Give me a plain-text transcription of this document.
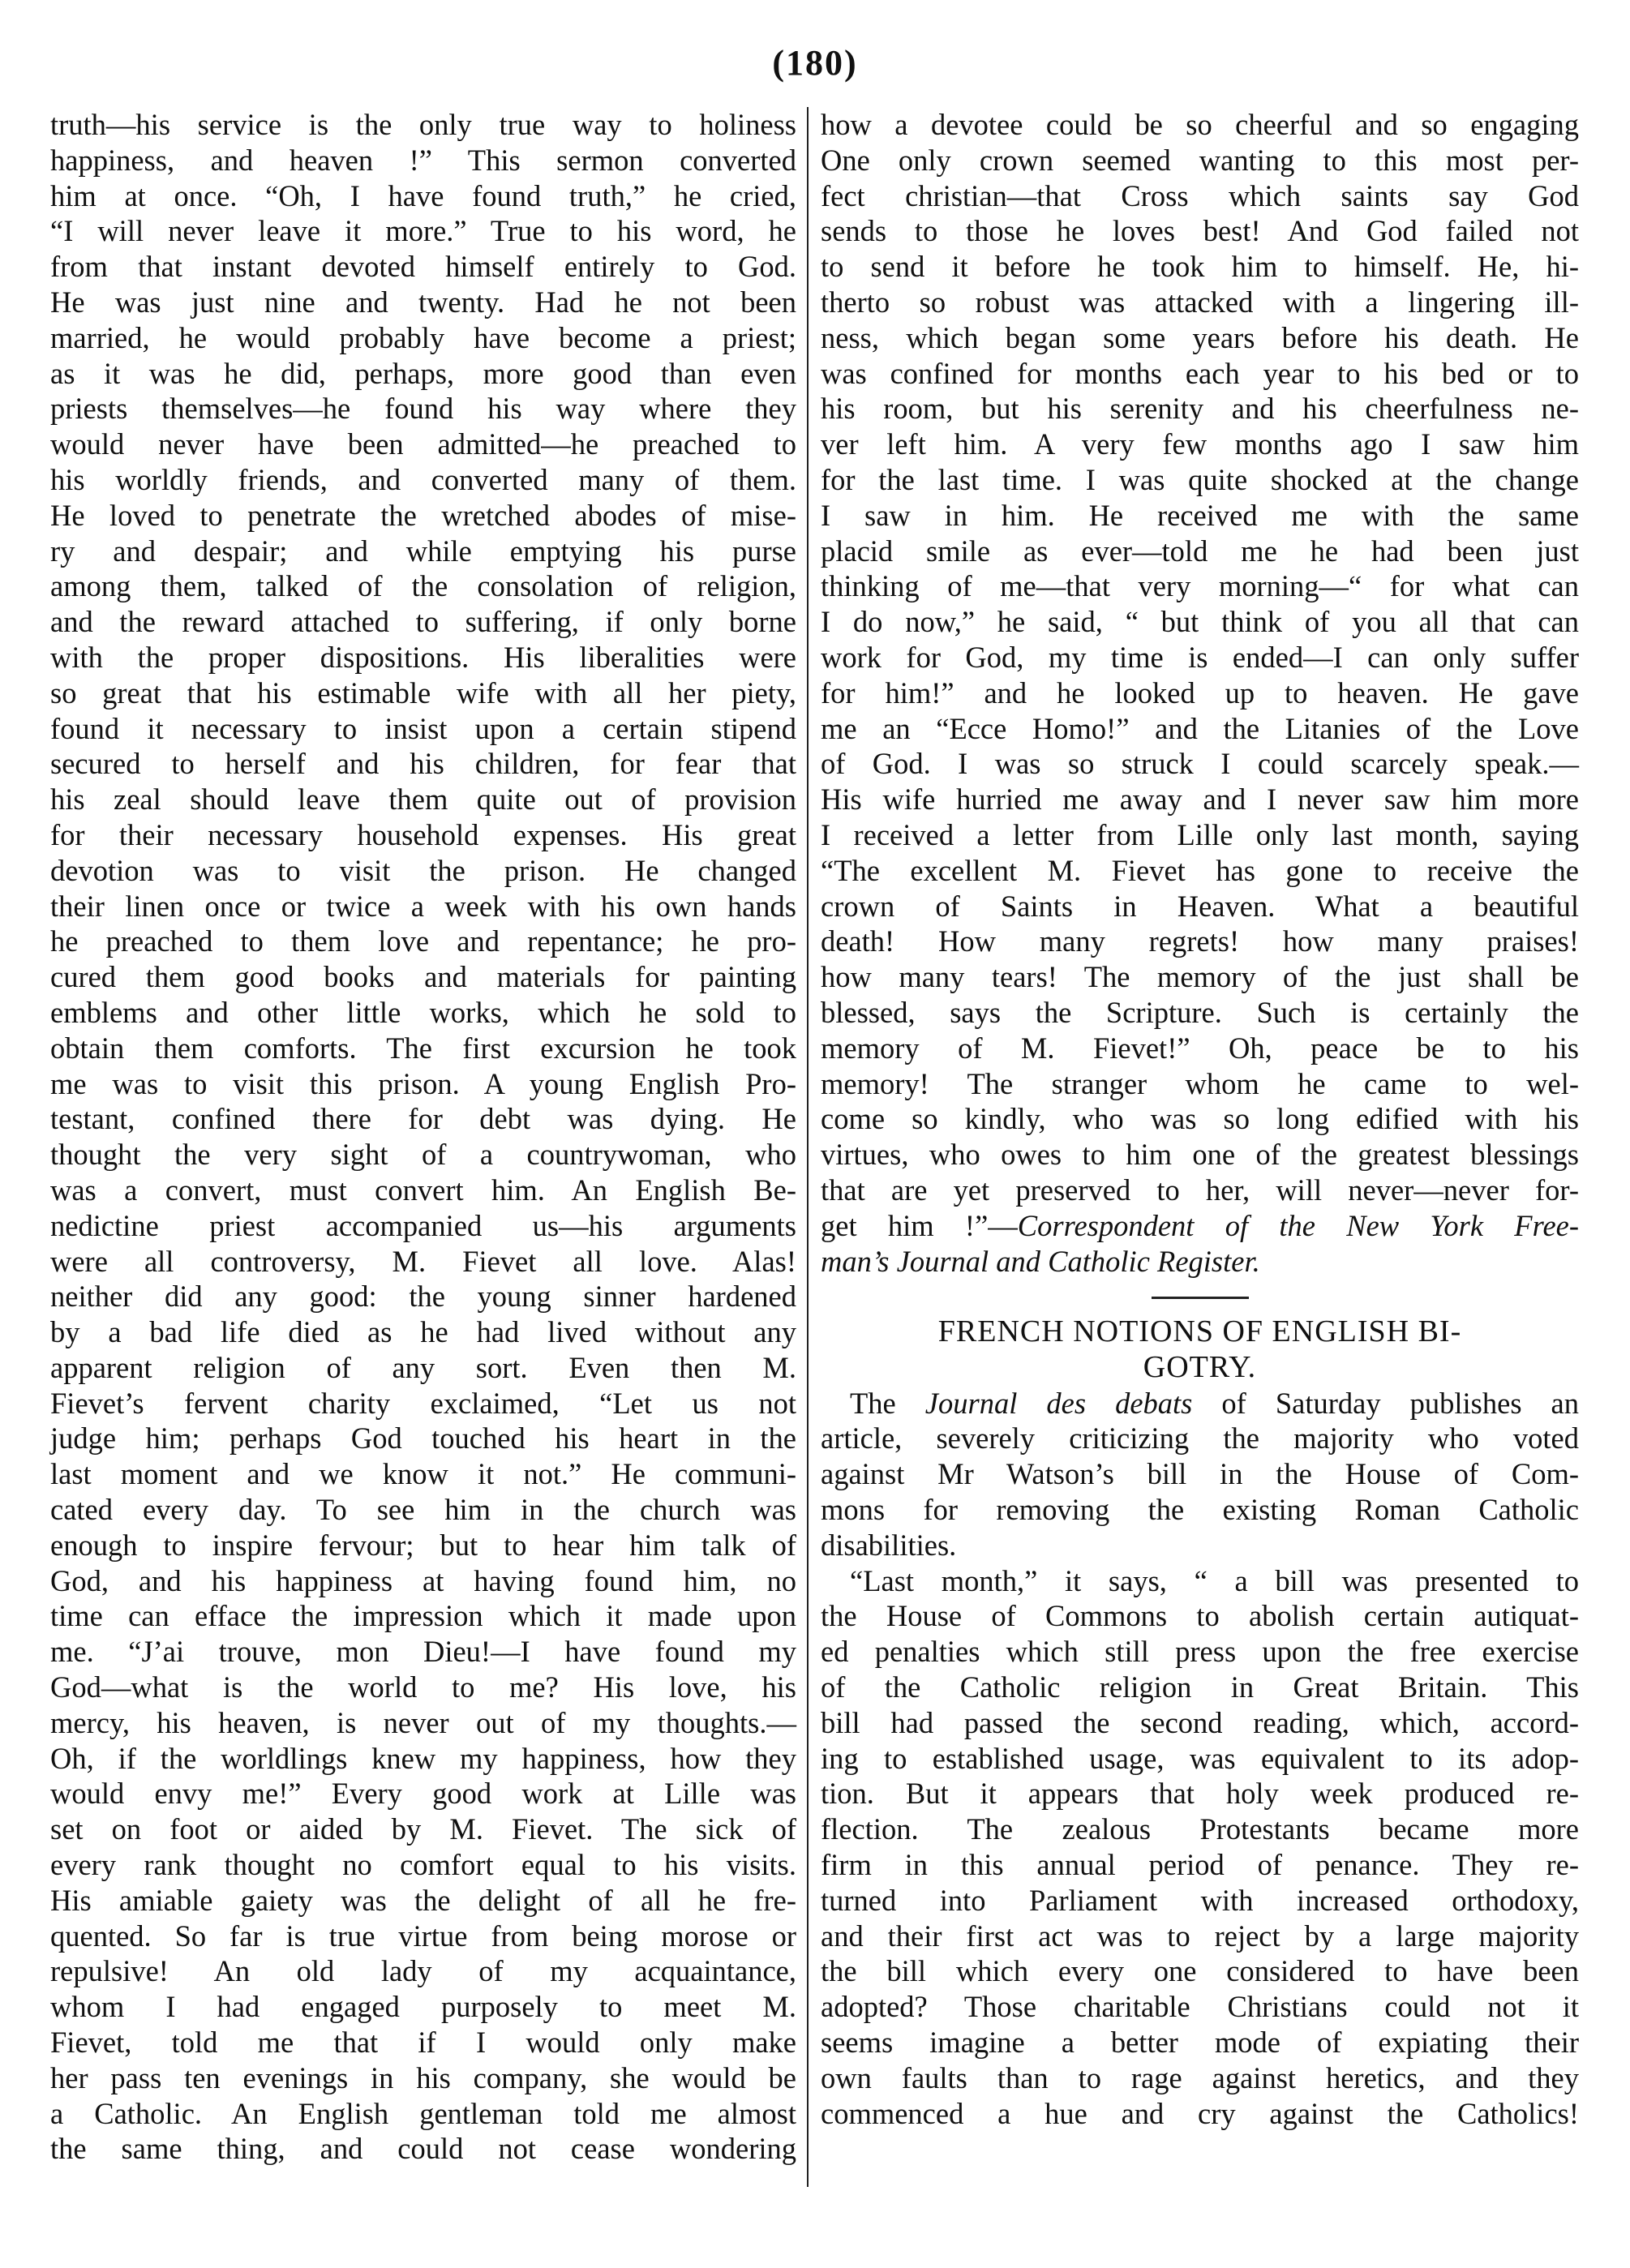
(180)
truth—his service is the only true way to holiness
happiness, and heaven !” This sermon converted
him at once. “Oh, I have found truth,” he cried,
“I will never leave it more.” True to his word, he
from that instant devoted himself entirely to God.
He was just nine and twenty. Had he not been
married, he would probably have become a priest;
as it was he did, perhaps, more good than even
priests themselves—he found his way where they
would never have been admitted—he preached to
his worldly friends, and converted many of them.
He loved to penetrate the wretched abodes of mise-
ry and despair; and while emptying his purse
among them, talked of the consolation of religion,
and the reward attached to suffering, if only borne
with the proper dispositions. His liberalities were
so great that his estimable wife with all her piety,
found it necessary to insist upon a certain stipend
secured to herself and his children, for fear that
his zeal should leave them quite out of provision
for their necessary household expenses. His great
devotion was to visit the prison. He changed
their linen once or twice a week with his own hands
he preached to them love and repentance; he pro-
cured them good books and materials for painting
emblems and other little works, which he sold to
obtain them comforts. The first excursion he took
me was to visit this prison. A young English Pro-
testant, confined there for debt was dying. He
thought the very sight of a countrywoman, who
was a convert, must convert him. An English Be-
nedictine priest accompanied us—his arguments
were all controversy, M. Fievet all love. Alas!
neither did any good: the young sinner hardened
by a bad life died as he had lived without any
apparent religion of any sort. Even then M.
Fievet’s fervent charity exclaimed, “Let us not
judge him; perhaps God touched his heart in the
last moment and we know it not.” He communi-
cated every day. To see him in the church was
enough to inspire fervour; but to hear him talk of
God, and his happiness at having found him, no
time can efface the impression which it made upon
me. “J’ai trouve, mon Dieu!—I have found my
God—what is the world to me? His love, his
mercy, his heaven, is never out of my thoughts.—
Oh, if the worldlings knew my happiness, how they
would envy me!” Every good work at Lille was
set on foot or aided by M. Fievet. The sick of
every rank thought no comfort equal to his visits.
His amiable gaiety was the delight of all he fre-
quented. So far is true virtue from being morose or
repulsive! An old lady of my acquaintance,
whom I had engaged purposely to meet M.
Fievet, told me that if I would only make
her pass ten evenings in his company, she would be
a Catholic. An English gentleman told me almost
the same thing, and could not cease wondering
how a devotee could be so cheerful and so engaging
One only crown seemed wanting to this most per-
fect christian—that Cross which saints say God
sends to those he loves best! And God failed not
to send it before he took him to himself. He, hi-
therto so robust was attacked with a lingering ill-
ness, which began some years before his death. He
was confined for months each year to his bed or to
his room, but his serenity and his cheerfulness ne-
ver left him. A very few months ago I saw him
for the last time. I was quite shocked at the change
I saw in him. He received me with the same
placid smile as ever—told me he had been just
thinking of me—that very morning—“ for what can
I do now,” he said, “ but think of you all that can
work for God, my time is ended—I can only suffer
for him!” and he looked up to heaven. He gave
me an “Ecce Homo!” and the Litanies of the Love
of God. I was so struck I could scarcely speak.—
His wife hurried me away and I never saw him more
I received a letter from Lille only last month, saying
“The excellent M. Fievet has gone to receive the
crown of Saints in Heaven. What a beautiful
death! How many regrets! how many praises!
how many tears! The memory of the just shall be
blessed, says the Scripture. Such is certainly the
memory of M. Fievet!” Oh, peace be to his
memory! The stranger whom he came to wel-
come so kindly, who was so long edified with his
virtues, who owes to him one of the greatest blessings
that are yet preserved to her, will never—never for-
get him !”—Correspondent of the New York Free-
man’s Journal and Catholic Register.
FRENCH NOTIONS OF ENGLISH BI-
GOTRY.
The Journal des debats of Saturday publishes an
article, severely criticizing the majority who voted
against Mr Watson’s bill in the House of Com-
mons for removing the existing Roman Catholic
disabilities.
“Last month,” it says, “ a bill was presented to
the House of Commons to abolish certain autiquat-
ed penalties which still press upon the free exercise
of the Catholic religion in Great Britain. This
bill had passed the second reading, which, accord-
ing to established usage, was equivalent to its adop-
tion. But it appears that holy week produced re-
flection. The zealous Protestants became more
firm in this annual period of penance. They re-
turned into Parliament with increased orthodoxy,
and their first act was to reject by a large majority
the bill which every one considered to have been
adopted? Those charitable Christians could not it
seems imagine a better mode of expiating their
own faults than to rage against heretics, and they
commenced a hue and cry against the Catholics!
